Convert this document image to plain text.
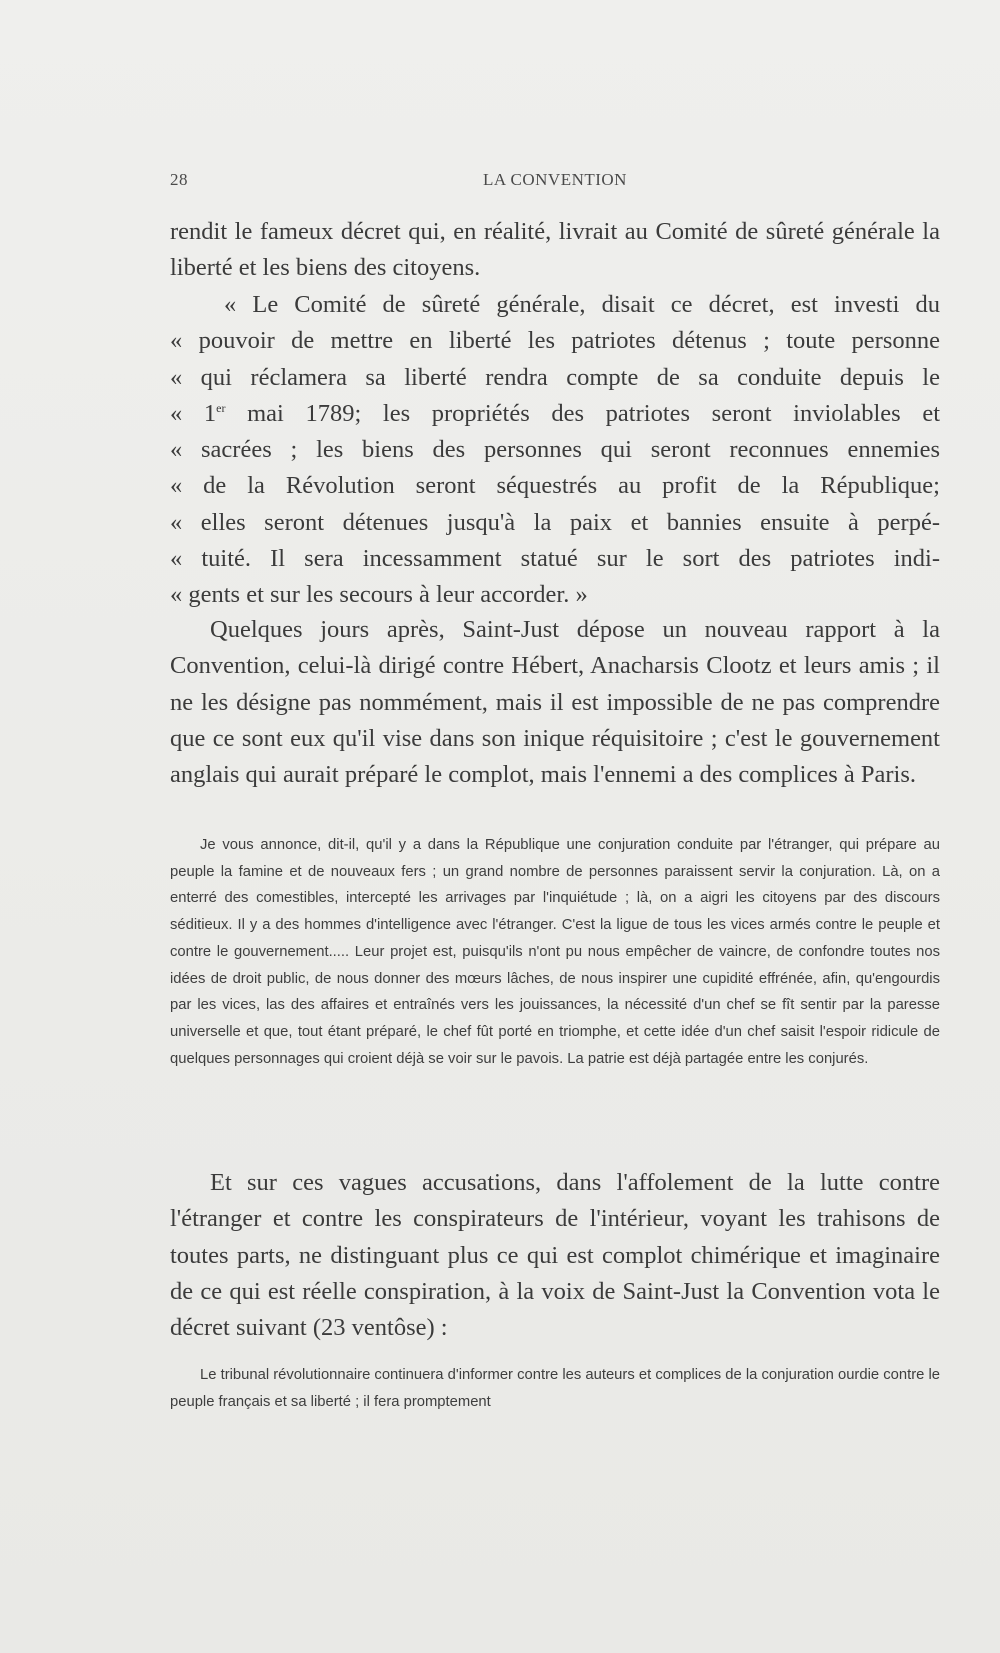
28	LA CONVENTION

rendit le fameux décret qui, en réalité, livrait au Comité de sûreté générale la liberté et les biens des citoyens.

« Le Comité de sûreté générale, disait ce décret, est investi du
« pouvoir de mettre en liberté les patriotes détenus ; toute personne
« qui réclamera sa liberté rendra compte de sa conduite depuis le
« 1er mai 1789; les propriétés des patriotes seront inviolables et
« sacrées ; les biens des personnes qui seront reconnues ennemies
« de la Révolution seront séquestrés au profit de la République;
« elles seront détenues jusqu'à la paix et bannies ensuite à perpé-
« tuité. Il sera incessamment statué sur le sort des patriotes indi-
« gents et sur les secours à leur accorder. »

Quelques jours après, Saint-Just dépose un nouveau rapport à la Convention, celui-là dirigé contre Hébert, Anacharsis Clootz et leurs amis ; il ne les désigne pas nommément, mais il est impossible de ne pas comprendre que ce sont eux qu'il vise dans son inique réquisitoire ; c'est le gouvernement anglais qui aurait préparé le complot, mais l'ennemi a des complices à Paris.

Je vous annonce, dit-il, qu'il y a dans la République une conjuration conduite par l'étranger, qui prépare au peuple la famine et de nouveaux fers ; un grand nombre de personnes paraissent servir la conjuration. Là, on a enterré des comestibles, intercepté les arrivages par l'inquiétude ; là, on a aigri les citoyens par des discours séditieux. Il y a des hommes d'intelligence avec l'étranger. C'est la ligue de tous les vices armés contre le peuple et contre le gouvernement..... Leur projet est, puisqu'ils n'ont pu nous empêcher de vaincre, de confondre toutes nos idées de droit public, de nous donner des mœurs lâches, de nous inspirer une cupidité effrénée, afin, qu'engourdis par les vices, las des affaires et entraînés vers les jouissances, la nécessité d'un chef se fît sentir par la paresse universelle et que, tout étant préparé, le chef fût porté en triomphe, et cette idée d'un chef saisit l'espoir ridicule de quelques personnages qui croient déjà se voir sur le pavois. La patrie est déjà partagée entre les conjurés.

Et sur ces vagues accusations, dans l'affolement de la lutte contre l'étranger et contre les conspirateurs de l'intérieur, voyant les trahisons de toutes parts, ne distinguant plus ce qui est complot chimérique et imaginaire de ce qui est réelle conspiration, à la voix de Saint-Just la Convention vota le décret suivant (23 ventôse) :

Le tribunal révolutionnaire continuera d'informer contre les auteurs et complices de la conjuration ourdie contre le peuple français et sa liberté ; il fera promptement
